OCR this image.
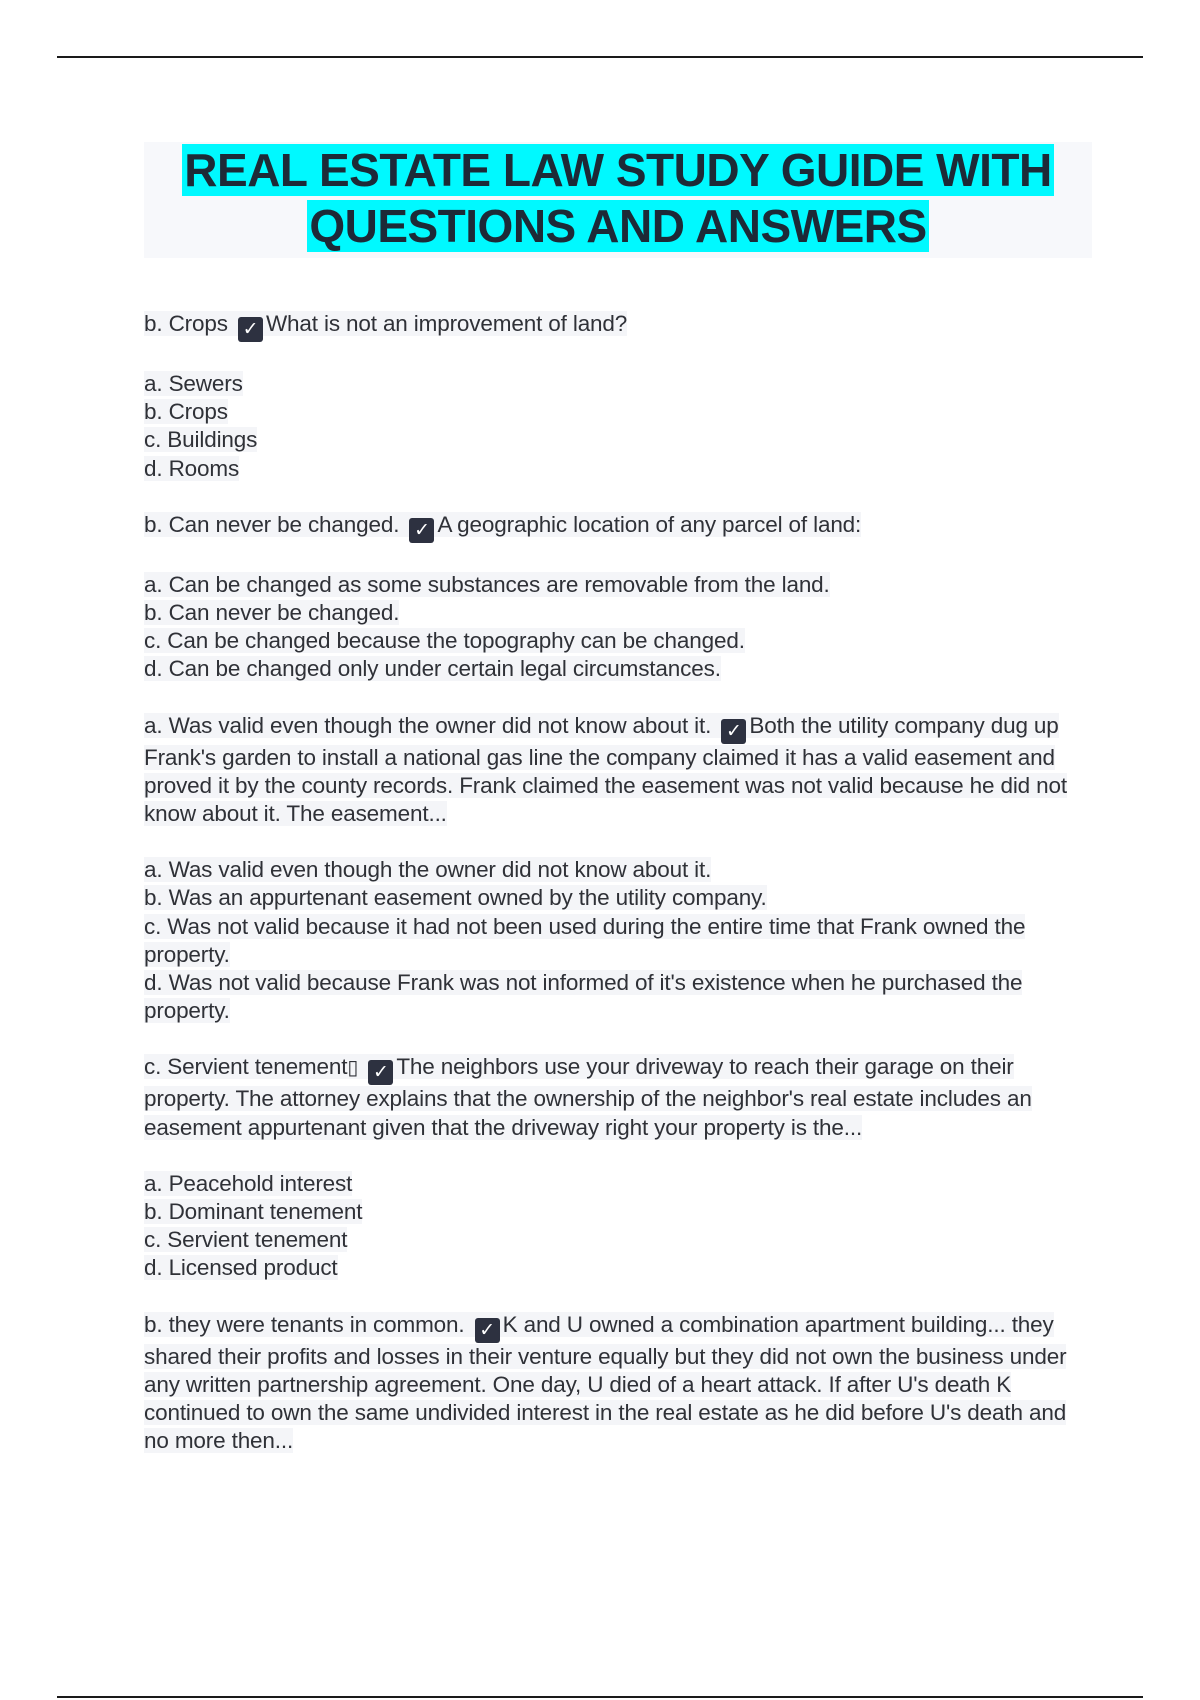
REAL ESTATE LAW STUDY GUIDE WITH
QUESTIONS AND ANSWERS
b. Crops ✓ What is not an improvement of land?
a. Sewers
b. Crops
c. Buildings
d. Rooms
b. Can never be changed. ✓ A geographic location of any parcel of land:
a. Can be changed as some substances are removable from the land.
b. Can never be changed.
c. Can be changed because the topography can be changed.
d. Can be changed only under certain legal circumstances.
a. Was valid even though the owner did not know about it. ✓ Both the utility company dug up Frank's garden to install a national gas line the company claimed it has a valid easement and proved it by the county records. Frank claimed the easement was not valid because he did not know about it. The easement...
a. Was valid even though the owner did not know about it.
b. Was an appurtenant easement owned by the utility company.
c. Was not valid because it had not been used during the entire time that Frank owned the property.
d. Was not valid because Frank was not informed of it's existence when he purchased the property.
c. Servient tenement▯ ✓ The neighbors use your driveway to reach their garage on their property. The attorney explains that the ownership of the neighbor's real estate includes an easement appurtenant given that the driveway right your property is the...
a. Peacehold interest
b. Dominant tenement
c. Servient tenement
d. Licensed product
b. they were tenants in common. ✓ K and U owned a combination apartment building... they shared their profits and losses in their venture equally but they did not own the business under any written partnership agreement. One day, U died of a heart attack. If after U's death K continued to own the same undivided interest in the real estate as he did before U's death and no more then...
